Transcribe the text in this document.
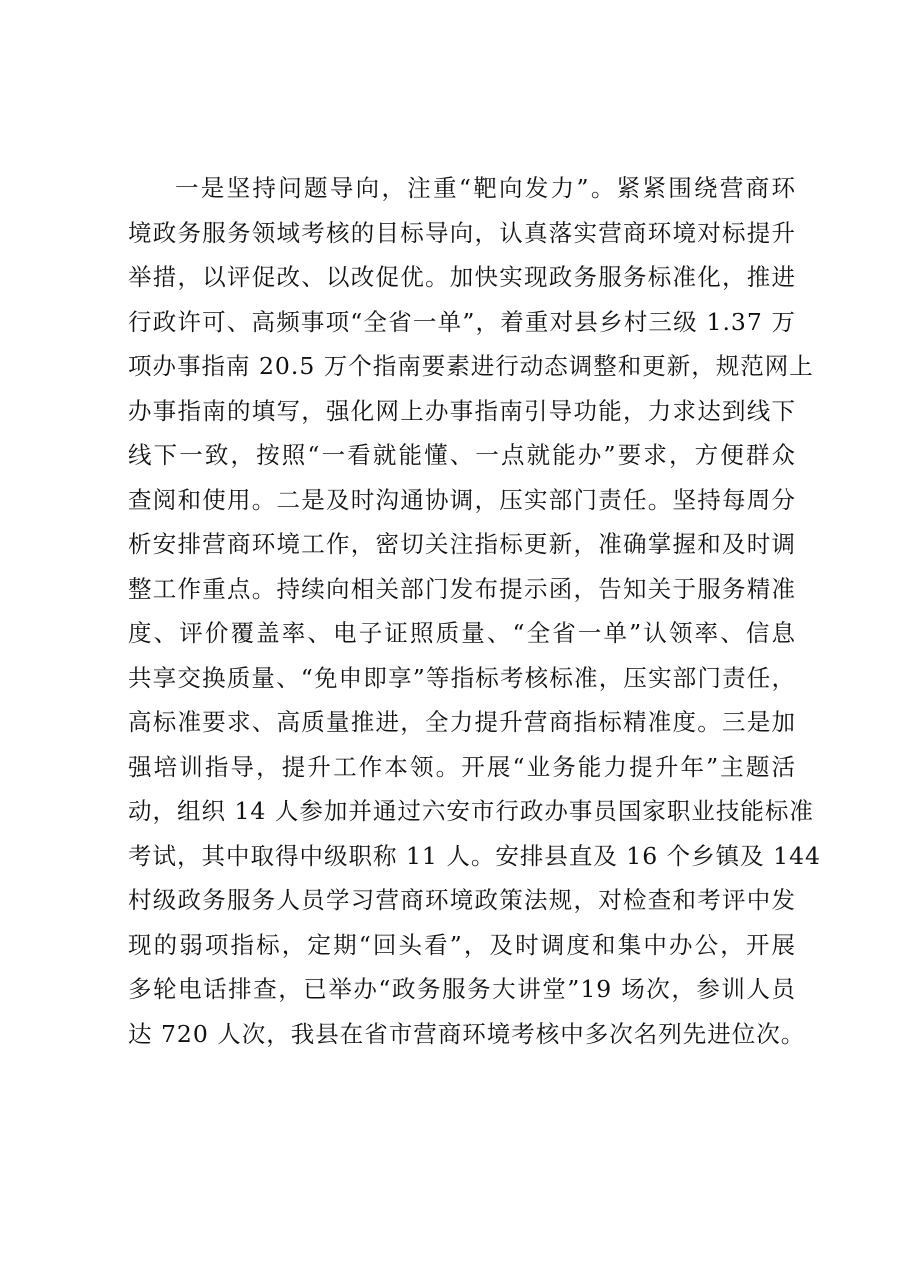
一是坚持问题导向，注重“靶向发力”。紧紧围绕营商环
境政务服务领域考核的目标导向，认真落实营商环境对标提升
举措，以评促改、以改促优。加快实现政务服务标准化，推进
行政许可、高频事项“全省一单”，着重对县乡村三级 1.37 万
项办事指南 20.5 万个指南要素进行动态调整和更新，规范网上
办事指南的填写，强化网上办事指南引导功能，力求达到线下
线下一致，按照“一看就能懂、一点就能办”要求，方便群众
查阅和使用。二是及时沟通协调，压实部门责任。坚持每周分
析安排营商环境工作，密切关注指标更新，准确掌握和及时调
整工作重点。持续向相关部门发布提示函，告知关于服务精准
度、评价覆盖率、电子证照质量、“全省一单”认领率、信息
共享交换质量、“免申即享”等指标考核标准，压实部门责任，
高标准要求、高质量推进，全力提升营商指标精准度。三是加
强培训指导，提升工作本领。开展“业务能力提升年”主题活
动，组织 14 人参加并通过六安市行政办事员国家职业技能标准
考试，其中取得中级职称 11 人。安排县直及 16 个乡镇及 144
村级政务服务人员学习营商环境政策法规，对检查和考评中发
现的弱项指标，定期“回头看”，及时调度和集中办公，开展
多轮电话排查，已举办“政务服务大讲堂”19 场次，参训人员
达 720 人次，我县在省市营商环境考核中多次名列先进位次。
